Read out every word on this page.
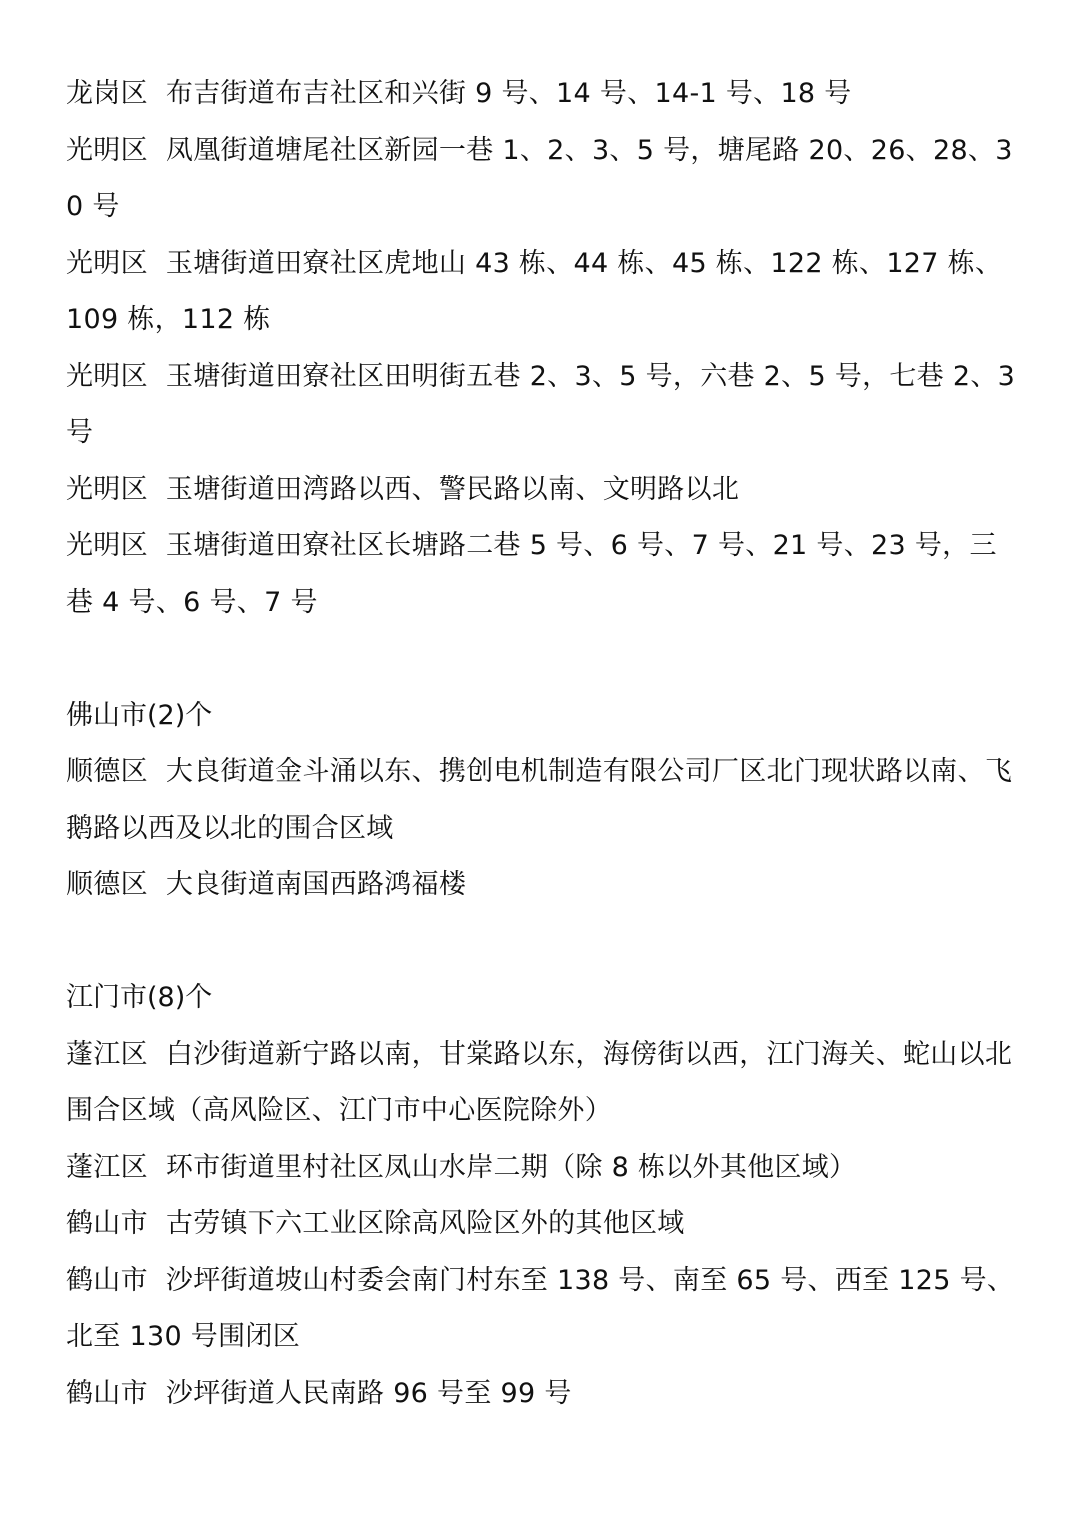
龙岗区 布吉街道布吉社区和兴街 9 号、14 号、14-1 号、18 号

光明区 凤凰街道塘尾社区新园一巷 1、2、3、5 号，塘尾路 20、26、28、30 号

光明区 玉塘街道田寮社区虎地山 43 栋、44 栋、45 栋、122 栋、127 栋、109 栋，112 栋

光明区 玉塘街道田寮社区田明街五巷 2、3、5 号，六巷 2、5 号，七巷 2、3 号

光明区 玉塘街道田湾路以西、警民路以南、文明路以北

光明区 玉塘街道田寮社区长塘路二巷 5 号、6 号、7 号、21 号、23 号，三巷 4 号、6 号、7 号

佛山市(2)个

顺德区 大良街道金斗涌以东、携创电机制造有限公司厂区北门现状路以南、飞鹅路以西及以北的围合区域

顺德区 大良街道南国西路鸿福楼

江门市(8)个

蓬江区 白沙街道新宁路以南，甘棠路以东，海傍街以西，江门海关、蛇山以北围合区域（高风险区、江门市中心医院除外）

蓬江区 环市街道里村社区凤山水岸二期（除 8 栋以外其他区域）

鹤山市 古劳镇下六工业区除高风险区外的其他区域

鹤山市 沙坪街道坡山村委会南门村东至 138 号、南至 65 号、西至 125 号、北至 130 号围闭区

鹤山市 沙坪街道人民南路 96 号至 99 号
